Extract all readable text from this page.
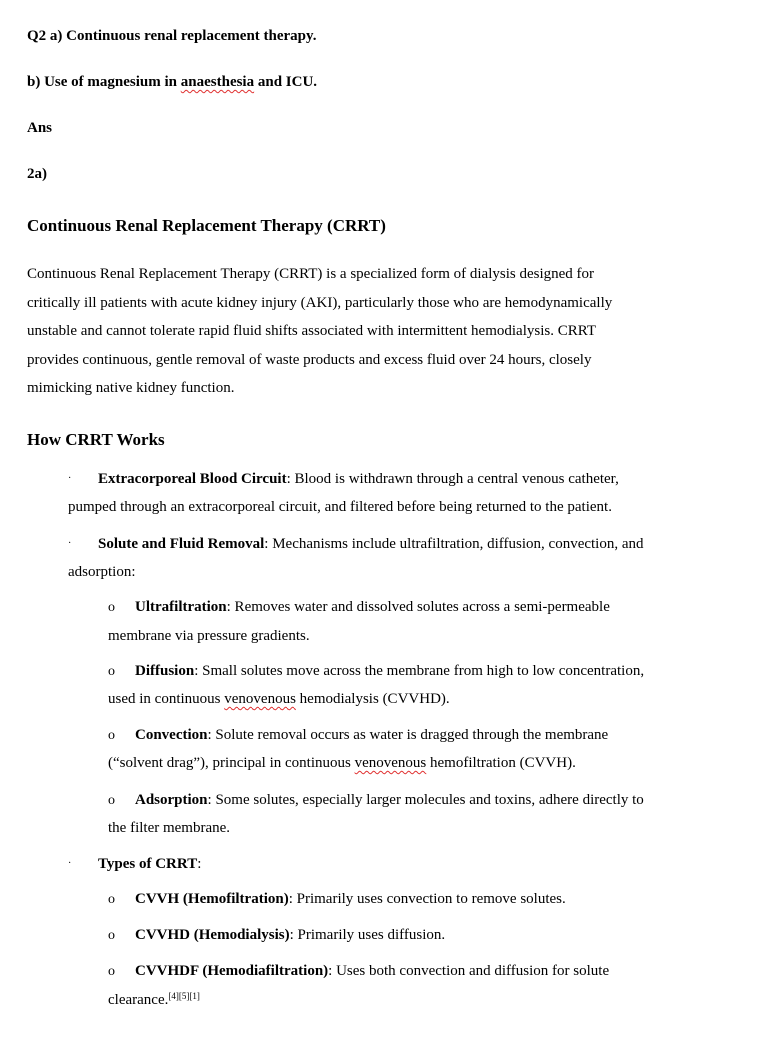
Q2 a) Continuous renal replacement therapy.
b) Use of magnesium in anaesthesia and ICU.
Ans
2a)
Continuous Renal Replacement Therapy (CRRT)
Continuous Renal Replacement Therapy (CRRT) is a specialized form of dialysis designed for
critically ill patients with acute kidney injury (AKI), particularly those who are hemodynamically
unstable and cannot tolerate rapid fluid shifts associated with intermittent hemodialysis. CRRT
provides continuous, gentle removal of waste products and excess fluid over 24 hours, closely
mimicking native kidney function.
How CRRT Works
· Extracorporeal Blood Circuit: Blood is withdrawn through a central venous catheter,
pumped through an extracorporeal circuit, and filtered before being returned to the patient.
· Solute and Fluid Removal: Mechanisms include ultrafiltration, diffusion, convection, and
adsorption:
o Ultrafiltration: Removes water and dissolved solutes across a semi-permeable
membrane via pressure gradients.
o Diffusion: Small solutes move across the membrane from high to low concentration,
used in continuous venovenous hemodialysis (CVVHD).
o Convection: Solute removal occurs as water is dragged through the membrane
(“solvent drag”), principal in continuous venovenous hemofiltration (CVVH).
o Adsorption: Some solutes, especially larger molecules and toxins, adhere directly to
the filter membrane.
· Types of CRRT:
o CVVH (Hemofiltration): Primarily uses convection to remove solutes.
o CVVHD (Hemodialysis): Primarily uses diffusion.
o CVVHDF (Hemodiafiltration): Uses both convection and diffusion for solute
clearance.[4][5][1]
